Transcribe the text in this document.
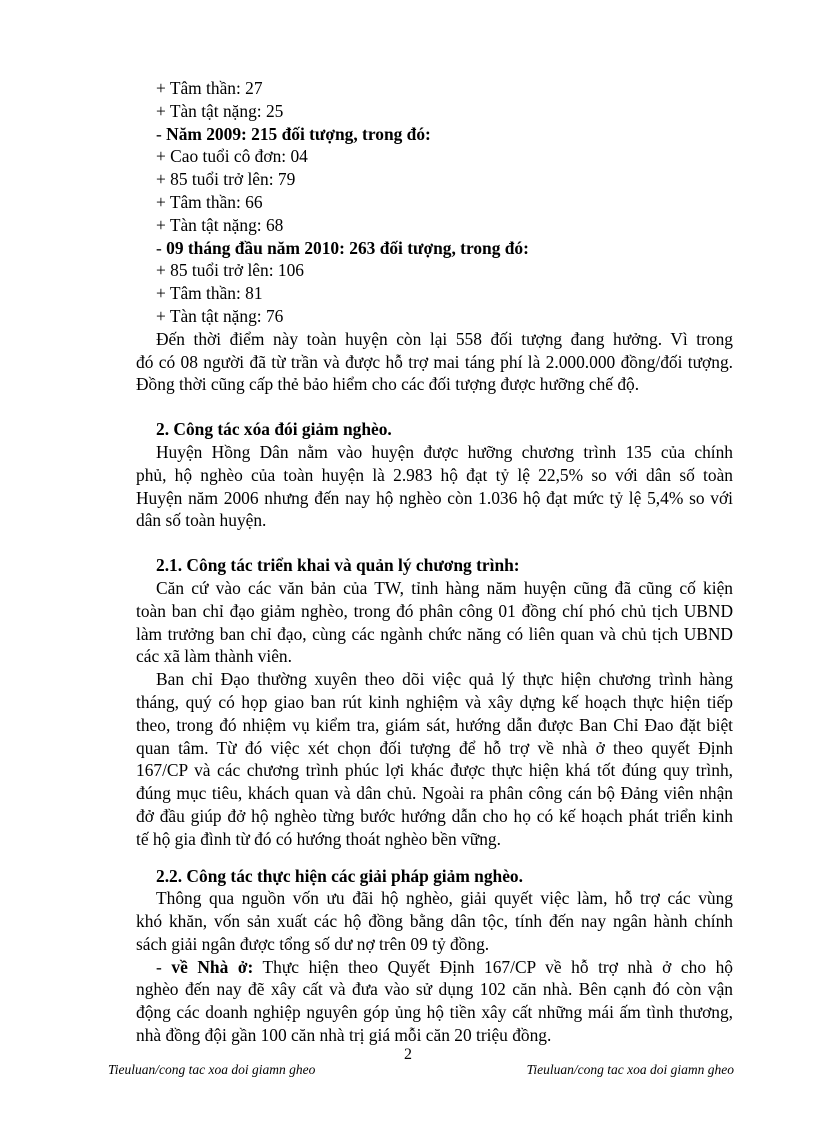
+ Tâm thần: 27
+ Tàn tật nặng: 25
- Năm 2009: 215 đối tượng, trong đó:
+ Cao tuổi cô đơn: 04
+ 85 tuổi trở lên: 79
+ Tâm thần: 66
+ Tàn tật nặng: 68
- 09 tháng đầu năm 2010: 263 đối tượng, trong đó:
+ 85 tuổi trở lên: 106
+ Tâm thần: 81
+ Tàn tật nặng: 76
Đến thời điểm này toàn huyện còn lại 558 đối tượng đang hưởng. Vì trong
đó có 08 người đã từ trần và được hỗ trợ mai táng phí là 2.000.000 đồng/đối tượng.
Đồng thời cũng cấp thẻ bảo hiểm cho các đối tượng được hưỡng chế độ.
2. Công tác xóa đói giảm nghèo.
Huyện Hồng Dân nằm vào huyện được hưỡng chương trình 135 của chính
phủ, hộ nghèo của toàn huyện là 2.983 hộ đạt tỷ lệ 22,5% so với dân số toàn
Huyện năm 2006 nhưng đến nay hộ nghèo còn 1.036 hộ đạt mức tỷ lệ 5,4% so với
dân số toàn huyện.
2.1. Công tác triển khai và quản lý chương trình:
Căn cứ vào các văn bản của TW, tỉnh hàng năm huyện cũng đã cũng cố kiện
toàn ban chỉ đạo giảm nghèo, trong đó phân công 01 đồng chí phó chủ tịch UBND
làm trưởng ban chỉ đạo, cùng các ngành chức năng có liên quan và chủ tịch UBND
các xã làm thành viên.
Ban chỉ Đạo thường xuyên theo dõi việc quả lý thực hiện chương trình hàng
tháng, quý có họp giao ban rút kinh nghiệm và xây dựng kế hoạch thực hiện tiếp
theo, trong đó nhiệm vụ kiểm tra, giám sát, hướng dẫn được Ban Chỉ Đao đặt biệt
quan tâm. Từ đó việc xét chọn đối tượng để hỗ trợ về nhà ở theo quyết Định
167/CP và các chương trình phúc lợi khác được thực hiện khá tốt đúng quy trình,
đúng mục tiêu, khách quan và dân chủ. Ngoài ra phân công cán bộ Đảng viên nhận
đở đầu giúp đở hộ nghèo từng bước hướng dẫn cho họ có kế hoạch phát triển kinh
tế hộ gia đình từ đó có hướng thoát nghèo bền vững.
2.2. Công tác thực hiện các giải pháp giảm nghèo.
Thông qua nguồn vốn ưu đãi hộ nghèo, giải quyết việc làm, hỗ trợ các vùng
khó khăn, vốn sản xuất các hộ đồng bằng dân tộc, tính đến nay ngân hành chính
sách giải ngân được tổng số dư nợ trên 09 tỷ đồng.
- về Nhà ở: Thực hiện theo Quyết Định 167/CP về hỗ trợ nhà ở cho hộ
nghèo đến nay đẽ xây cất và đưa vào sử dụng 102 căn nhà. Bên cạnh đó còn vận
động các doanh nghiệp nguyên góp ủng hộ tiền xây cất những mái ấm tình thương,
nhà đồng đội gần 100 căn nhà trị giá mỗi căn 20 triệu đồng.
2
Tieuluan/cong tac xoa doi giamn gheo	Tieuluan/cong tac xoa doi giamn gheo
